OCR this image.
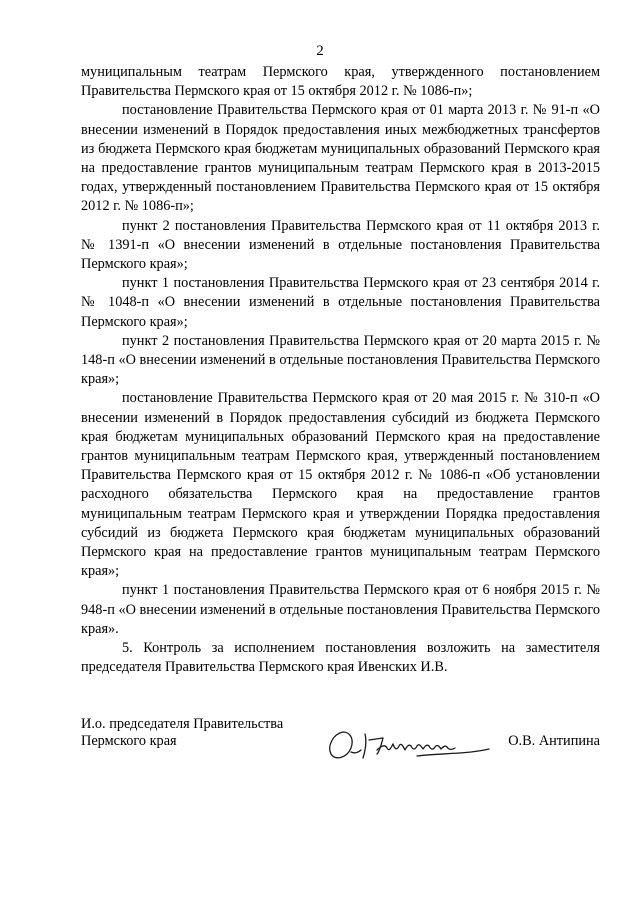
2

муниципальным театрам Пермского края, утвержденного постановлением Правительства Пермского края от 15 октября 2012 г. № 1086-п»;

постановление Правительства Пермского края от 01 марта 2013 г. № 91-п «О внесении изменений в Порядок предоставления иных межбюджетных трансфертов из бюджета Пермского края бюджетам муниципальных образований Пермского края на предоставление грантов муниципальным театрам Пермского края в 2013-2015 годах, утвержденный постановлением Правительства Пермского края от 15 октября 2012 г. № 1086-п»;

пункт 2 постановления Правительства Пермского края от 11 октября 2013 г. № 1391-п «О внесении изменений в отдельные постановления Правительства Пермского края»;

пункт 1 постановления Правительства Пермского края от 23 сентября 2014 г. № 1048-п «О внесении изменений в отдельные постановления Правительства Пермского края»;

пункт 2 постановления Правительства Пермского края от 20 марта 2015 г. № 148-п «О внесении изменений в отдельные постановления Правительства Пермского края»;

постановление Правительства Пермского края от 20 мая 2015 г. № 310-п «О внесении изменений в Порядок предоставления субсидий из бюджета Пермского края бюджетам муниципальных образований Пермского края на предоставление грантов муниципальным театрам Пермского края, утвержденный постановлением Правительства Пермского края от 15 октября 2012 г. № 1086-п «Об установлении расходного обязательства Пермского края на предоставление грантов муниципальным театрам Пермского края и утверждении Порядка предоставления субсидий из бюджета Пермского края бюджетам муниципальных образований Пермского края на предоставление грантов муниципальным театрам Пермского края»;

пункт 1 постановления Правительства Пермского края от 6 ноября 2015 г. № 948-п «О внесении изменений в отдельные постановления Правительства Пермского края».

5. Контроль за исполнением постановления возложить на заместителя председателя Правительства Пермского края Ивенских И.В.

И.о. председателя Правительства
Пермского края	О.В. Антипина
